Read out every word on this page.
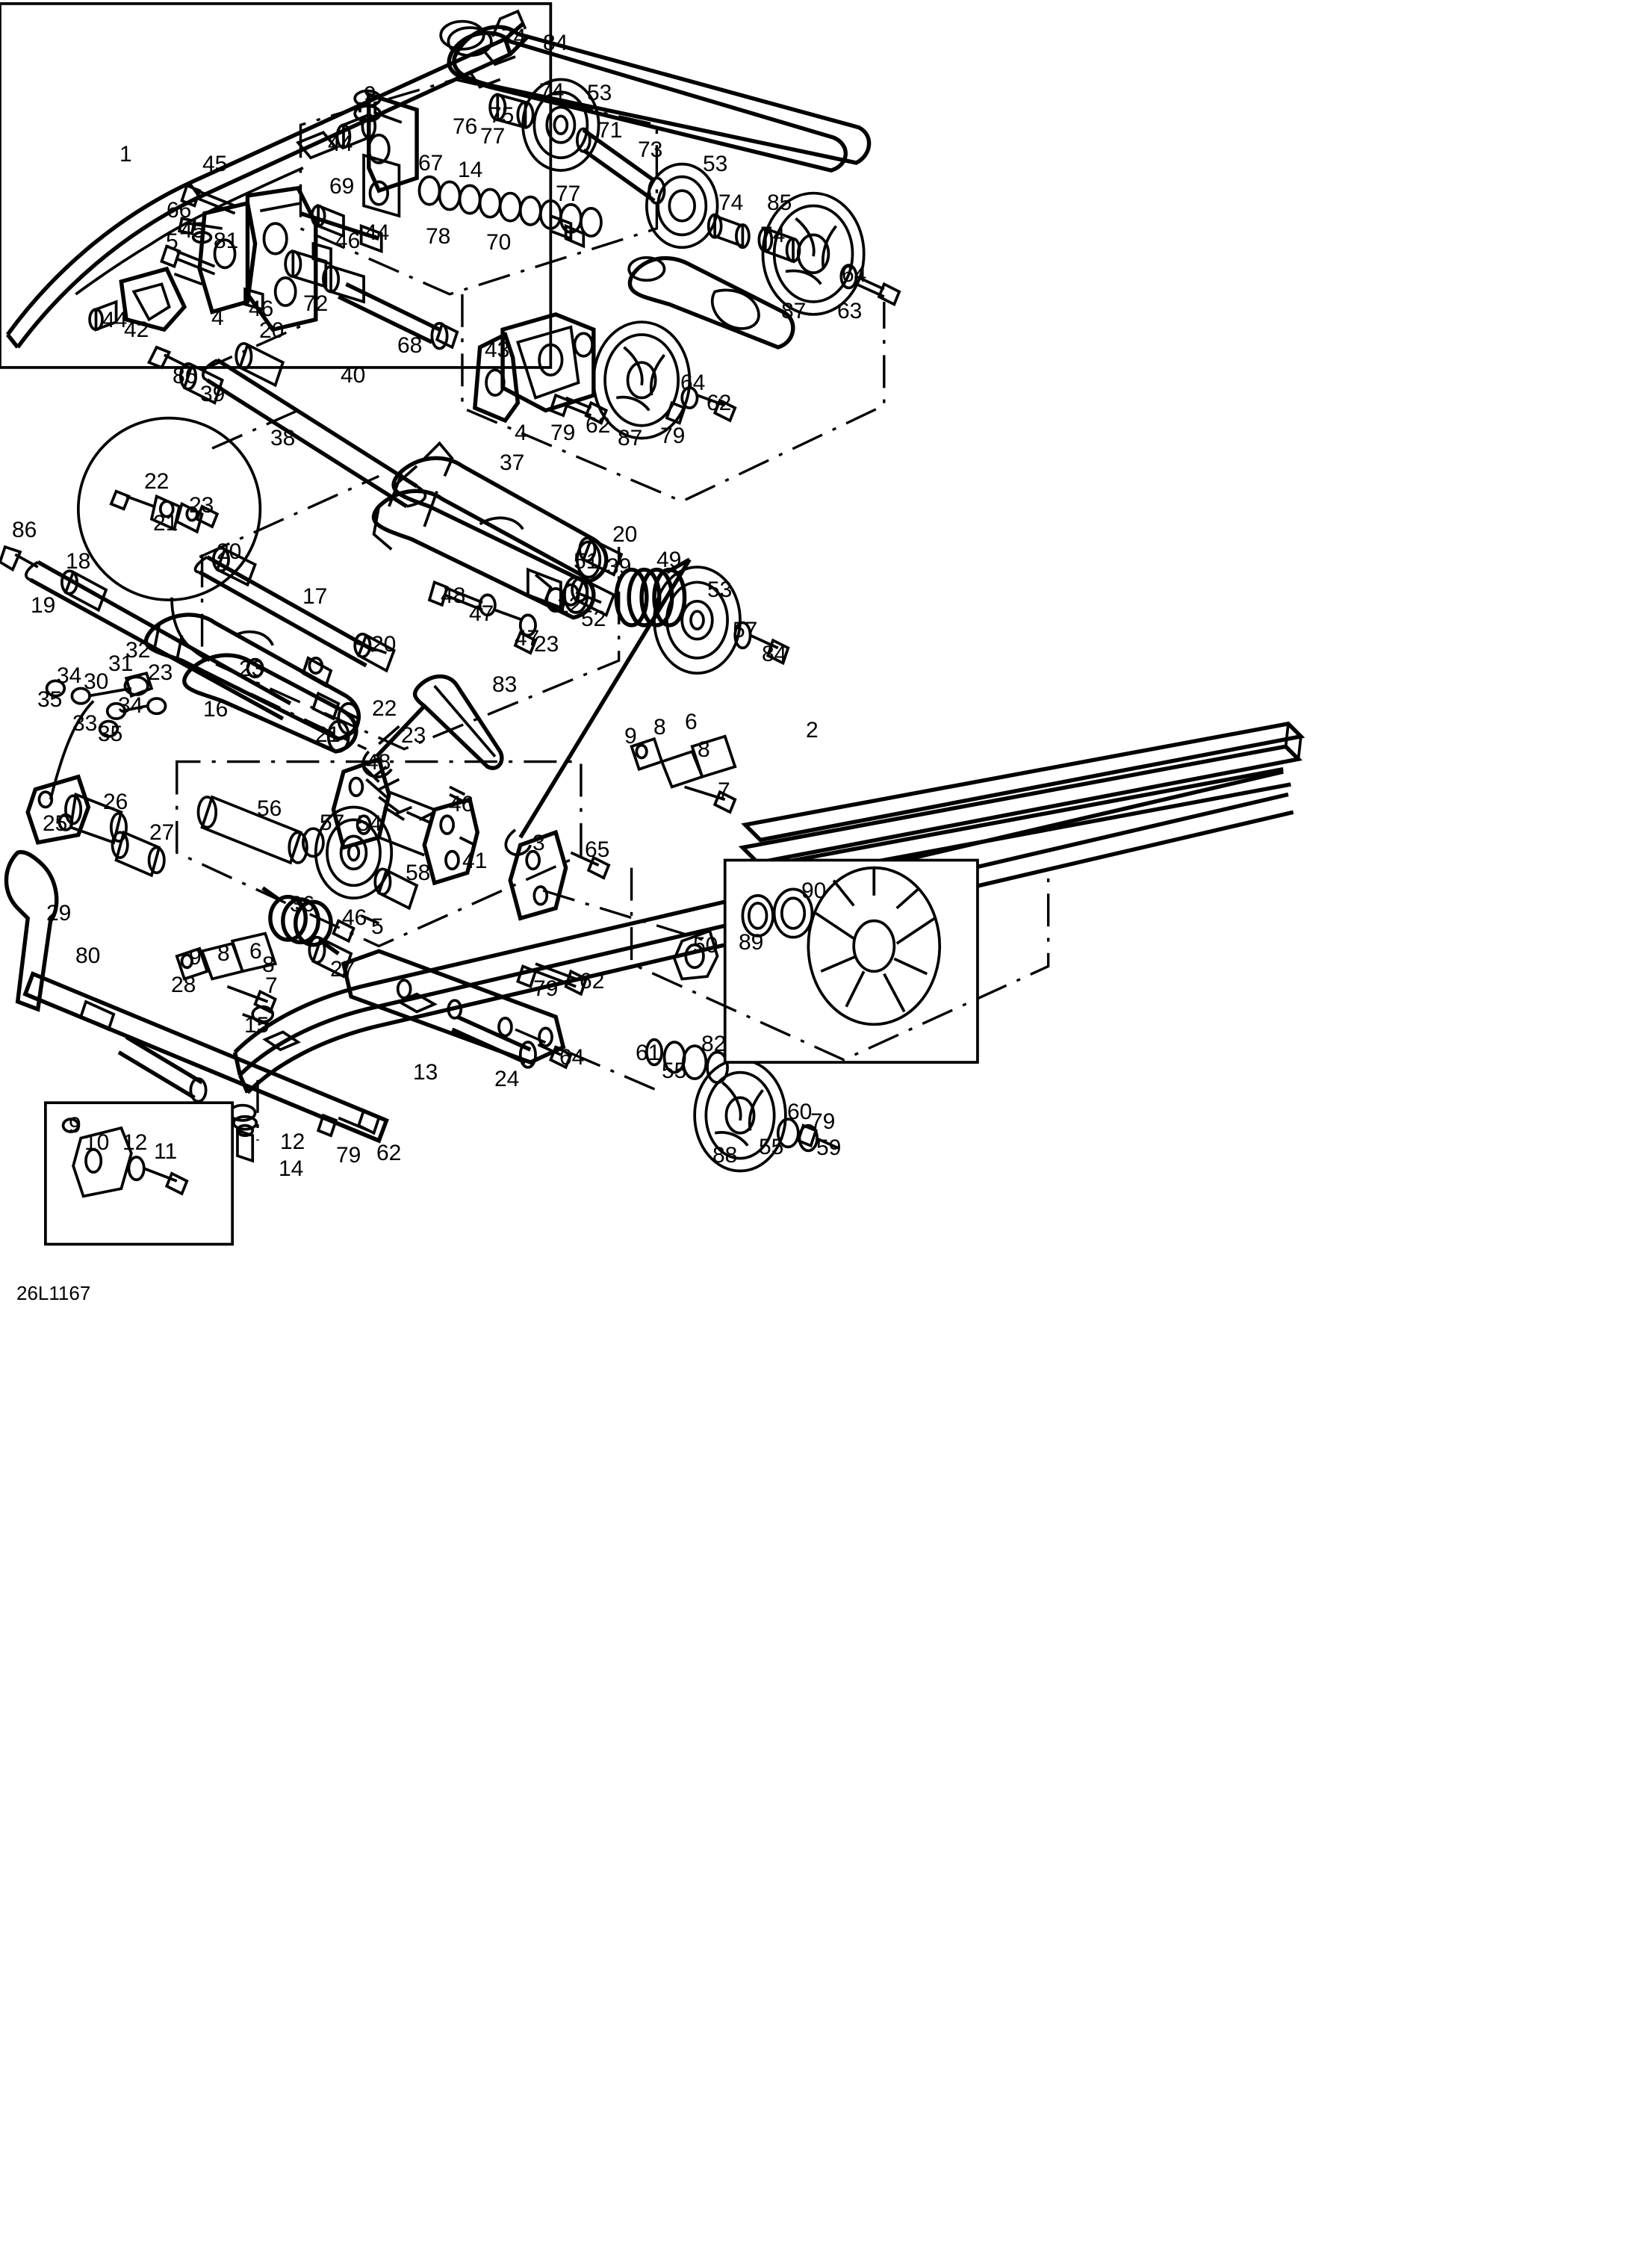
1
9
74 84
74 53
75
76 77	71
73
44
67 14	53
45
66
69	77	74 85
78 70	74
45 81
5	46 44
64
46
4	63
87
72
44
42
68	43
20
86
39
40
4 79 62
87 79
64
62
38
37
22
23
21
86
20
20
39
51	49
18
19	17	48
47	12
52
53
57
84
47
23
20
32
31 23	23
34 30
34
35
33 35
16
21
22
23
83
9 8 6
8
2
7
48
25
26	56
57 54
46
27	3 65
41
58
90
89
29	36
46 5
50
80	9 8 6
8 27
7
28	79 62
15
13
82
61
55
64
24
60
79
9
10 12 11	12
14
79 62	55
88	59
26L1167
